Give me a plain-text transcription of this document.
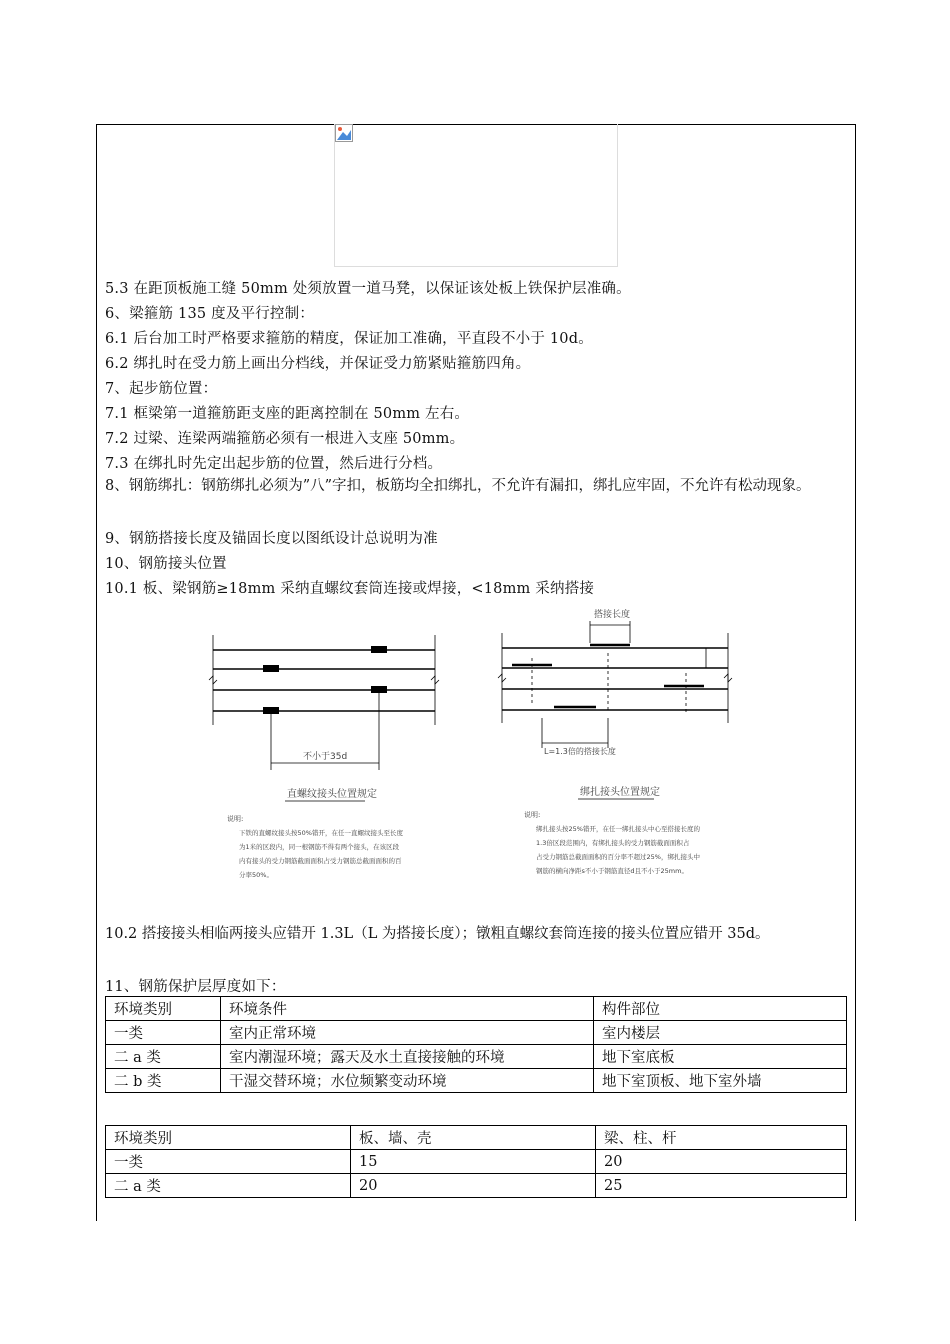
5.3 在距顶板施工缝 50mm 处须放置一道马凳，以保证该处板上铁保护层准确。
6、梁箍筋 135 度及平行控制：
6.1 后台加工时严格要求箍筋的精度，保证加工准确，平直段不小于 10d。
6.2 绑扎时在受力筋上画出分档线，并保证受力筋紧贴箍筋四角。
7、起步筋位置：
7.1 框梁第一道箍筋距支座的距离控制在 50mm 左右。
7.2 过梁、连梁两端箍筋必须有一根进入支座 50mm。
7.3 在绑扎时先定出起步筋的位置，然后进行分档。
8、钢筋绑扎：钢筋绑扎必须为”八”字扣，板筋均全扣绑扎，不允许有漏扣，绑扎应牢固，不允许有松动现象。
9、钢筋搭接长度及锚固长度以图纸设计总说明为准
10、钢筋接头位置
10.1 板、梁钢筋≥18mm 采纳直螺纹套筒连接或焊接，<18mm 采纳搭接
不小于35d
直螺纹接头位置规定
说明:
下铁的直螺纹接头按50%错开，在任一直螺纹接头至长度
为1米的区段内，同一根钢筋不得有两个接头，在该区段
内有接头的受力钢筋截面面积占受力钢筋总截面面积的百
分率50%。
搭接长度
L=1.3倍的搭接长度
绑扎接头位置规定
说明:
绑扎接头按25%错开，在任一绑扎接头中心至搭接长度的
1.3倍区段范围内，有绑扎接头的受力钢筋截面面积占
占受力钢筋总截面面积的百分率不超过25%，绑扎接头中
钢筋的横向净距s不小于钢筋直径d且不小于25mm。
10.2 搭接接头相临两接头应错开 1.3L（L 为搭接长度）；镦粗直螺纹套筒连接的接头位置应错开 35d。
11、钢筋保护层厚度如下：
环境类别	环境条件	构件部位
一类	室内正常环境	室内楼层
二 a 类	室内潮湿环境；露天及水土直接接触的环境	地下室底板
二 b 类	干湿交替环境；水位频繁变动环境	地下室顶板、地下室外墙
环境类别	板、墙、壳	梁、柱、杆
一类	15	20
二 a 类	20	25
